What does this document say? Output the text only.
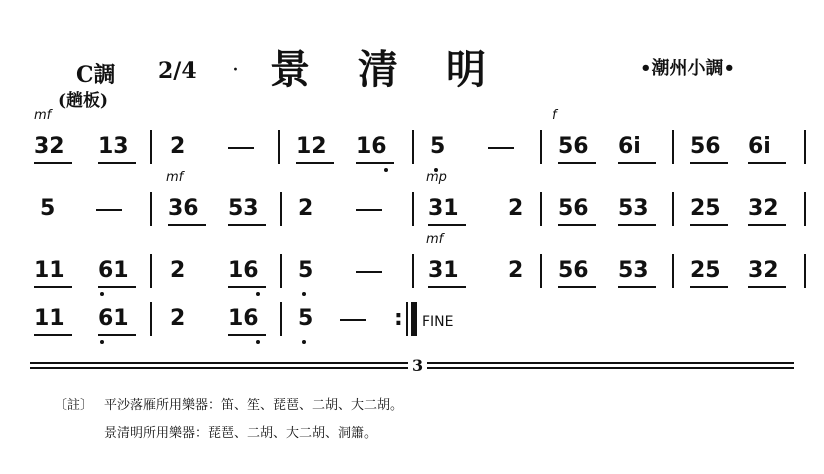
C調 2/4 · 景清明	•潮州小調•
(趟板)
mf
32 13 2	12 16 5
f
56 6i 56 6i
5
mf
36 53 2
mp
31 2 56 53 25 32
11 61 2 16 5
mf
31 2 56 53 25 32
11 61 2 16 5	: FINE
3
〔註〕 平沙落雁所用樂器：笛、笙、琵琶、二胡、大二胡。
景清明所用樂器：琵琶、二胡、大二胡、洞簫。
